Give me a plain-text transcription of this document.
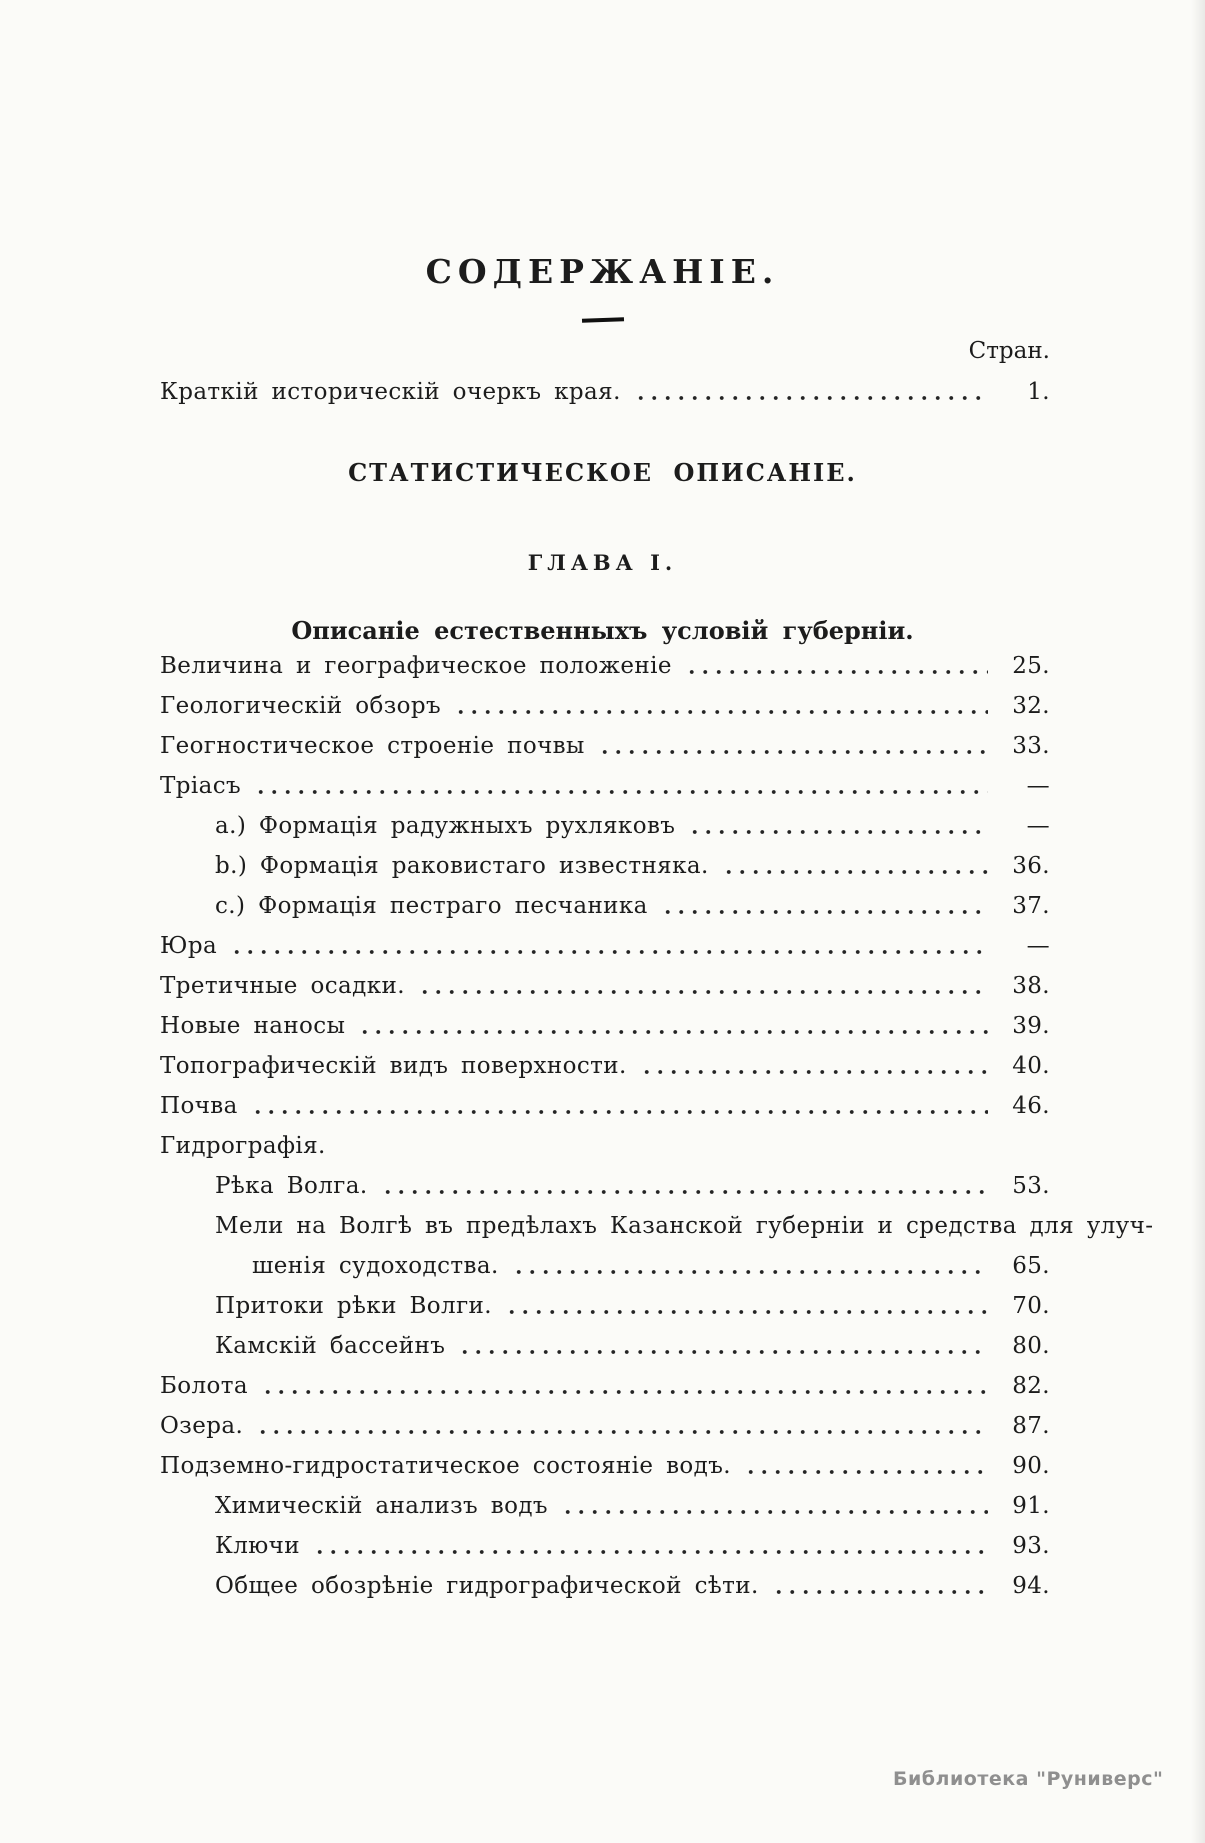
СОДЕРЖАНІЕ.
СТАТИСТИЧЕСКОЕ ОПИСАНІЕ.
ГЛАВА I.
Описаніе естественныхъ условій губерніи.
Стран.
Краткій историческій очеркъ края.	1.
Величина и географическое положеніе	25.
Геологическій обзоръ	32.
Геогностическое строеніе почвы	33.
Тріасъ	—
a.) Формація радужныхъ рухляковъ	—
b.) Формація раковистаго известняка.	36.
c.) Формація пестраго песчаника	37.
Юра	—
Третичные осадки.	38.
Новые наносы	39.
Топографическій видъ поверхности.	40.
Почва	46.
Гидрографія.
Рѣка Волга.	53.
Мели на Волгѣ въ предѣлахъ Казанской губерніи и средства для улуч-
шенія судоходства.	65.
Притоки рѣки Волги.	70.
Камскій бассейнъ	80.
Болота	82.
Озера.	87.
Подземно-гидростатическое состояніе водъ.	90.
Химическій анализъ водъ	91.
Ключи	93.
Общее обозрѣніе гидрографической сѣти.	94.
Библиотека "Руниверс"
